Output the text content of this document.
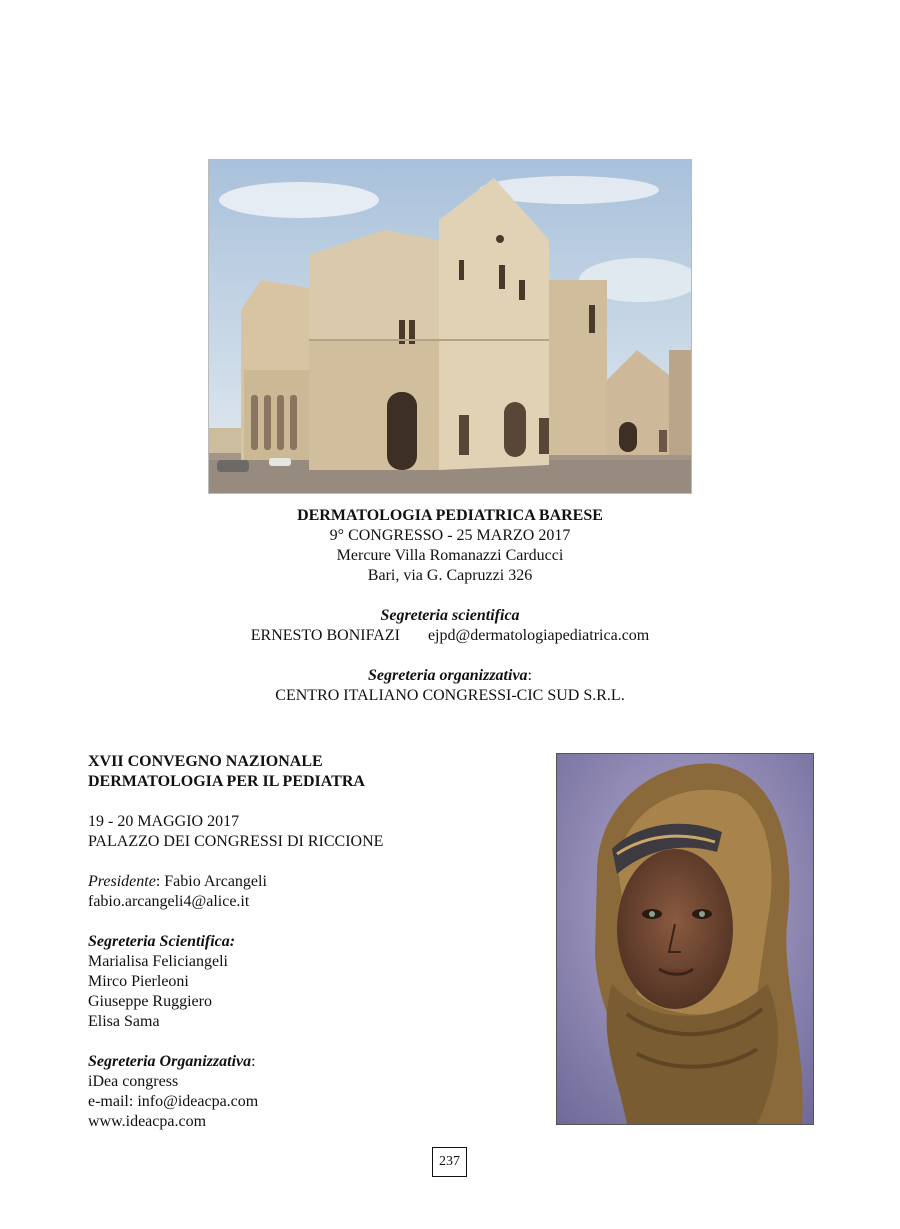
DERMATOLOGIA PEDIATRICA BARESE
9° CONGRESSO - 25 MARZO 2017
Mercure Villa Romanazzi Carducci
Bari, via G. Capruzzi 326
Segreteria scientifica
ERNESTO BONIFAZI ejpd@dermatologiapediatrica.com
Segreteria organizzativa:
CENTRO ITALIANO CONGRESSI-CIC SUD S.R.L.
XVII CONVEGNO NAZIONALE
DERMATOLOGIA PER IL PEDIATRA
19 - 20 MAGGIO 2017
PALAZZO DEI CONGRESSI DI RICCIONE
Presidente: Fabio Arcangeli
fabio.arcangeli4@alice.it
Segreteria Scientifica:
Marialisa Feliciangeli
Mirco Pierleoni
Giuseppe Ruggiero
Elisa Sama
Segreteria Organizzativa:
iDea congress
e-mail: info@ideacpa.com
www.ideacpa.com
237
